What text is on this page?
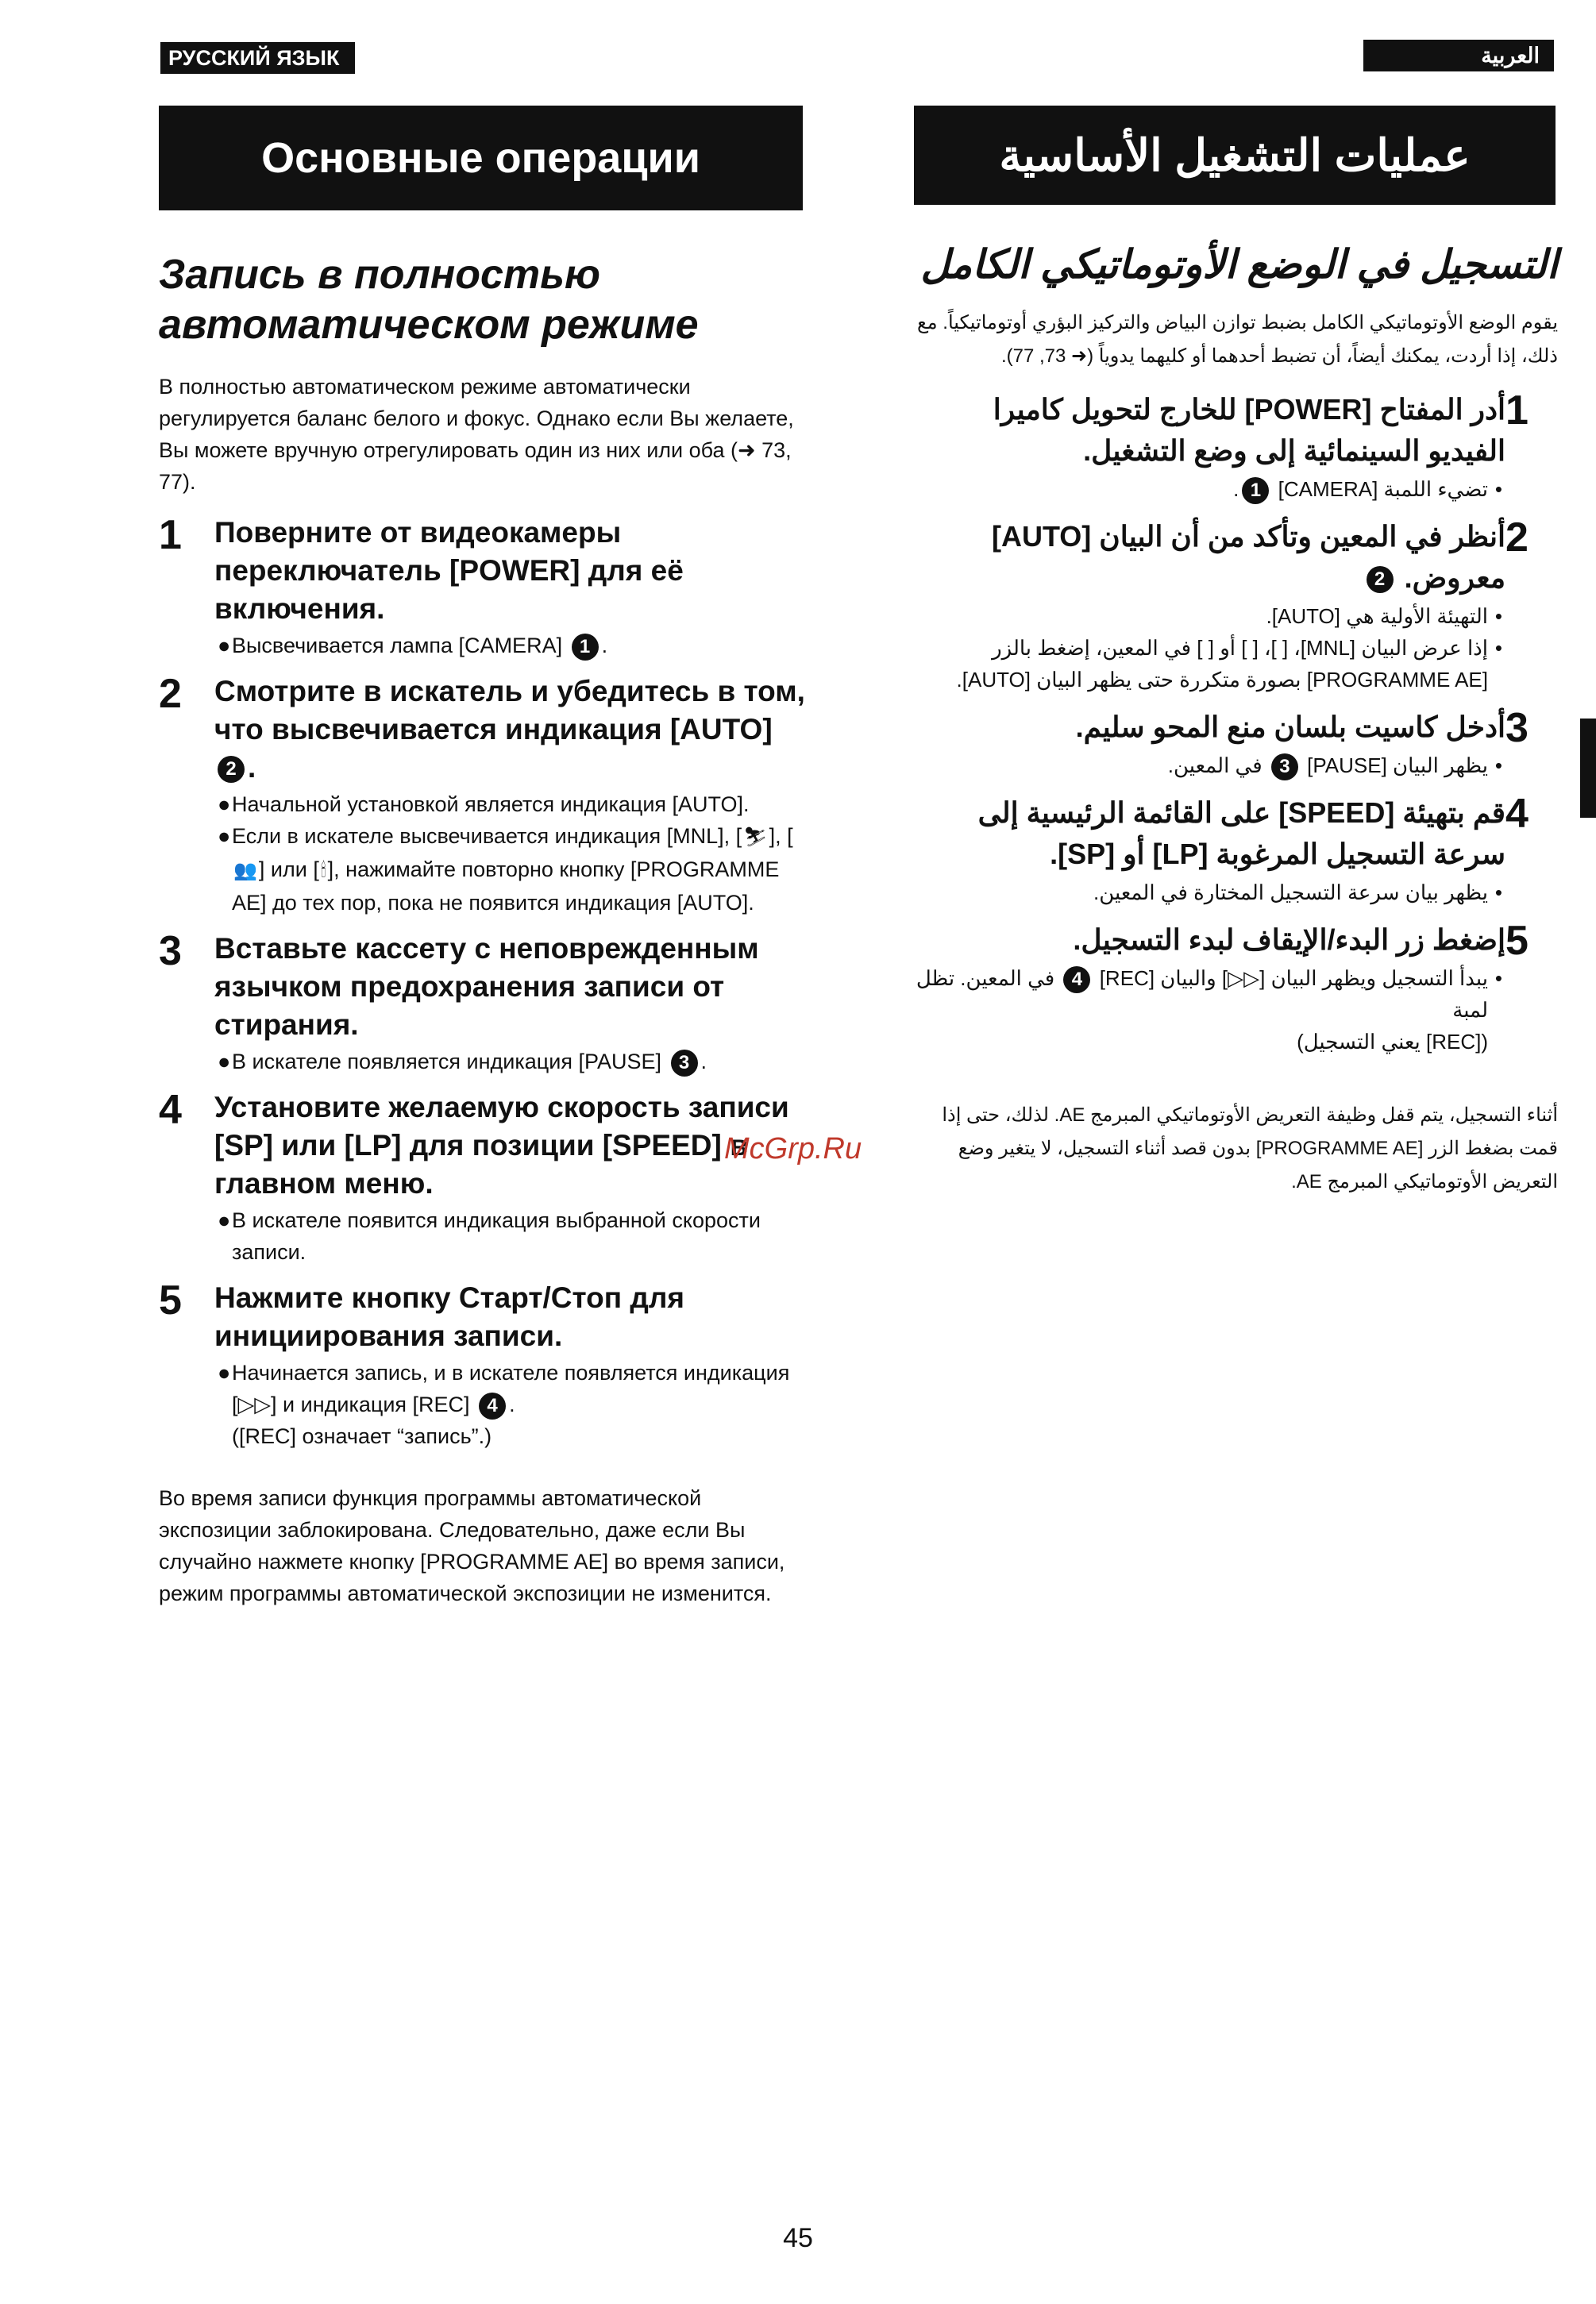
РУССКИЙ ЯЗЫК	العربية
Основные операции	عمليات التشغيل الأساسية
Запись в полностью автоматическом режиме

В полностью автоматическом режиме автоматически регулируется баланс белого и фокус. Однако если Вы желаете, Вы можете вручную отрегулировать один из них или оба (➜ 73, 77).

1	Поверните от видеокамеры переключатель [POWER] для её включения.
●Высвечивается лампа [CAMERA] 1 .
2	Смотрите в искатель и убедитесь в том, что высвечивается индикация [AUTO] 2 .
●Начальной установкой является индикация [AUTO].
●Если в искателе высвечивается индикация [MNL], [⛷], [👥] или [🕯], нажимайте повторно кнопку [PROGRAMME AE] до тех пор, пока не появится индикация [AUTO].
3	Вставьте кассету с неповрежденным язычком предохранения записи от стирания.
●В искателе появляется индикация [PAUSE] 3 .
4	Установите желаемую скорость записи [SP] или [LP] для позиции [SPEED] в главном меню.
●В искателе появится индикация выбранной скорости записи.
5	Нажмите кнопку Старт/Стоп для инициирования записи.
●Начинается запись, и в искателе появляется индикация [▷▷] и индикация [REC] 4 .
([REC] означает “запись”.)

Во время записи функция программы автоматической экспозиции заблокирована. Следовательно, даже если Вы случайно нажмете кнопку [PROGRAMME AE] во время записи, режим программы автоматической экспозиции не изменится.

التسجيل في الوضع الأوتوماتيكي الكامل

يقوم الوضع الأوتوماتيكي الكامل بضبط توازن البياض والتركيز البؤري أوتوماتيكياً. مع ذلك، إذا أردت، يمكنك أيضاً، أن تضبط أحدهما أو كليهما يدوياً (➜ 73, 77).

1
أدر المفتاح [POWER] للخارج لتحويل كاميرا الفيديو السينمائية إلى وضع التشغيل.
•تضيء اللمبة [CAMERA] 1.
2
أنظر في المعين وتأكد من أن البيان [AUTO] معروض. 2
•التهيئة الأولية هي [AUTO].
•إذا عرض البيان [MNL]، [ ]، [ ] أو [ ] في المعين، إضغط بالزر [PROGRAMME AE] بصورة متكررة حتى يظهر البيان [AUTO].
3
أدخل كاسيت بلسان منع المحو سليم.
•يظهر البيان [PAUSE] 3 في المعين.
4
قم بتهيئة [SPEED] على القائمة الرئيسية إلى سرعة التسجيل المرغوبة [LP] أو [SP].
•يظهر بيان سرعة التسجيل المختارة في المعين.
5
إضغط زر البدء/الإيقاف لبدء التسجيل.
•يبدأ التسجيل ويظهر البيان [▷▷] والبيان [REC] 4 في المعين. تظل لمبة
([REC] يعني التسجيل)

أثناء التسجيل، يتم قفل وظيفة التعريض الأوتوماتيكي المبرمج AE. لذلك، حتى إذا قمت بضغط الزر [PROGRAMME AE] بدون قصد أثناء التسجيل، لا يتغير وضع التعريض الأوتوماتيكي المبرمج AE.

McGrp.Ru
45
